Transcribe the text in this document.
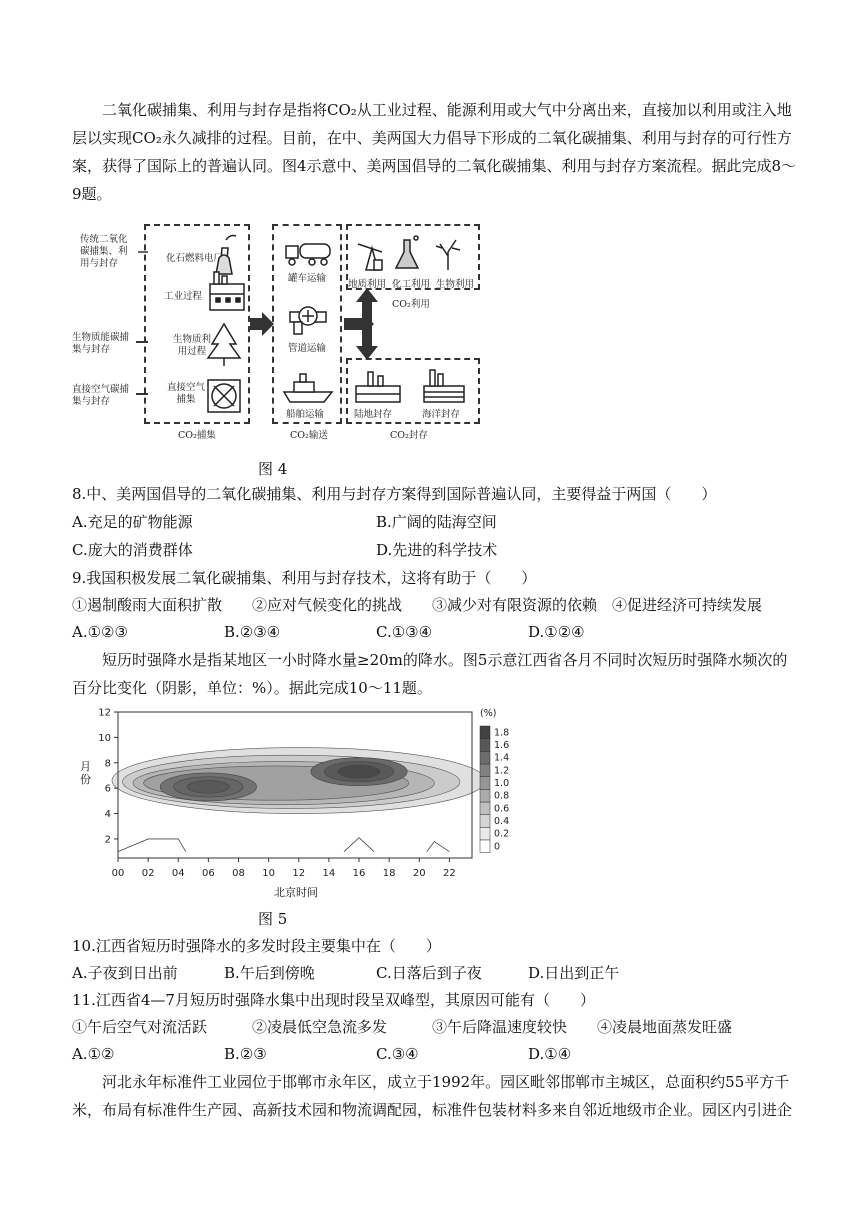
二氧化碳捕集、利用与封存是指将CO₂从工业过程、能源利用或大气中分离出来，直接加以利用或注入地层以实现CO₂永久减排的过程。目前，在中、美两国大力倡导下形成的二氧化碳捕集、利用与封存的可行性方案，获得了国际上的普遍认同。图4示意中、美两国倡导的二氧化碳捕集、利用与封存方案流程。据此完成8～9题。
传统二氧化碳捕集、利用与封存
生物质能碳捕集与封存
直接空气碳捕集与封存
化石燃料电厂
工业过程
生物质利用过程
直接空气捕集
CO₂捕集
罐车运输
管道运输
船舶运输
CO₂输送
地质利用 化工利用 生物利用
CO₂利用
陆地封存	海洋封存
CO₂封存
图 4
8.中、美两国倡导的二氧化碳捕集、利用与封存方案得到国际普遍认同，主要得益于两国（　　）
A.充足的矿物能源	B.广阔的陆海空间
C.庞大的消费群体	D.先进的科学技术
9.我国积极发展二氧化碳捕集、利用与封存技术，这将有助于（　　）
①遏制酸雨大面积扩散　　②应对气候变化的挑战　　③减少对有限资源的依赖　④促进经济可持续发展
A.①②③	B.②③④	C.①③④	D.①②④
短历时强降水是指某地区一小时降水量≥20m的降水。图5示意江西省各月不同时次短历时强降水频次的百分比变化（阴影，单位：%）。据此完成10～11题。
00 02 04 06 08 10 12 14 16 18 20 22
2
4
6
8
10
12
0
0.2
0.4
0.6
0.8
1.0
1.2
1.4
1.6
1.8
(%)
月份
北京时间
图 5
10.江西省短历时强降水的多发时段主要集中在（　　）
A.子夜到日出前	B.午后到傍晚	C.日落后到子夜	D.日出到正午
11.江西省4—7月短历时强降水集中出现时段呈双峰型，其原因可能有（　　）
①午后空气对流活跃　　　②凌晨低空急流多发　　　③午后降温速度较快　　④凌晨地面蒸发旺盛
A.①②	B.②③	C.③④	D.①④
河北永年标准件工业园位于邯郸市永年区，成立于1992年。园区毗邻邯郸市主城区，总面积约55平方千米，布局有标准件生产园、高新技术园和物流调配园，标准件包装材料多来自邻近地级市企业。园区内引进企
